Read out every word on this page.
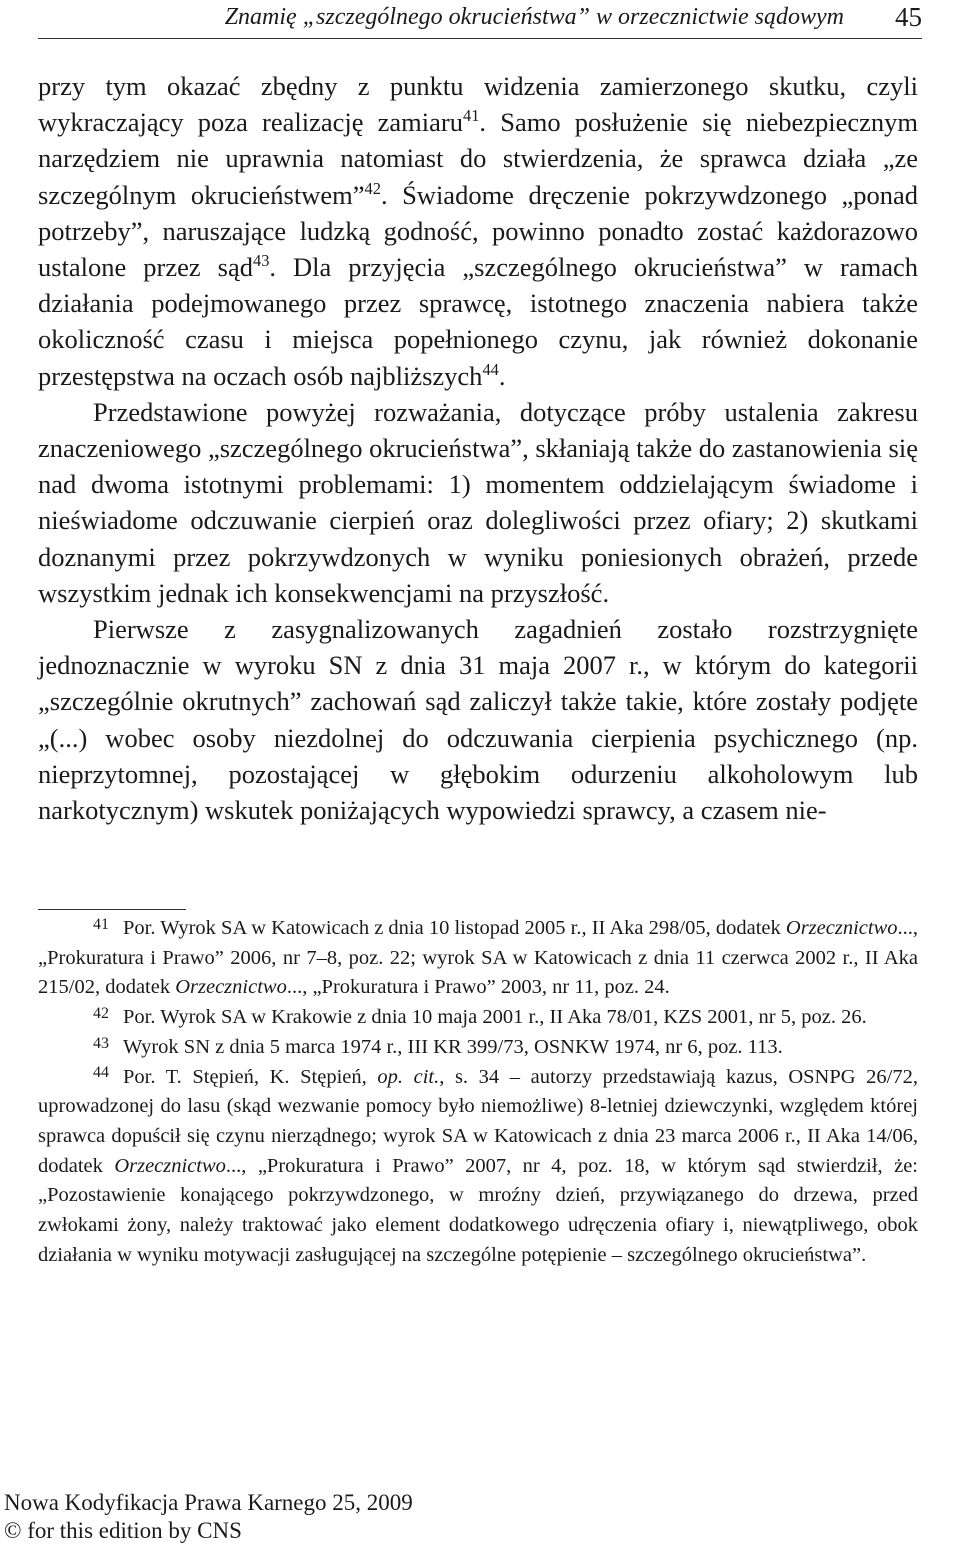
Znamię „szczególnego okrucieństwa” w orzecznictwie sądowym 45

przy tym okazać zbędny z punktu widzenia zamierzonego skutku, czyli wykraczający poza realizację zamiaru$^{41}$. Samo posłużenie się niebezpiecznym narzędziem nie uprawnia natomiast do stwierdzenia, że sprawca działa „ze szczególnym okrucieństwem”$^{42}$. Świadome dręczenie pokrzywdzonego „ponad potrzeby”, naruszające ludzką godność, powinno ponadto zostać każdorazowo ustalone przez sąd$^{43}$. Dla przyjęcia „szczególnego okrucieństwa” w ramach działania podejmowanego przez sprawcę, istotnego znaczenia nabiera także okoliczność czasu i miejsca popełnionego czynu, jak również dokonanie przestępstwa na oczach osób najbliższych$^{44}$.

Przedstawione powyżej rozważania, dotyczące próby ustalenia zakresu znaczeniowego „szczególnego okrucieństwa”, skłaniają także do zastanowienia się nad dwoma istotnymi problemami: 1) momentem oddzielającym świadome i nieświadome odczuwanie cierpień oraz dolegliwości przez ofiary; 2) skutkami doznanymi przez pokrzywdzonych w wyniku poniesionych obrażeń, przede wszystkim jednak ich konsekwencjami na przyszłość.

Pierwsze z zasygnalizowanych zagadnień zostało rozstrzygnięte jednoznacznie w wyroku SN z dnia 31 maja 2007 r., w którym do kategorii „szczególnie okrutnych” zachowań sąd zaliczył także takie, które zostały podjęte „(...) wobec osoby niezdolnej do odczuwania cierpienia psychicznego (np. nieprzytomnej, pozostającej w głębokim odurzeniu alkoholowym lub narkotycznym) wskutek poniżających wypowiedzi sprawcy, a czasem nie-

$^{41}$ Por. Wyrok SA w Katowicach z dnia 10 listopad 2005 r., II Aka 298/05, dodatek Orzecznictwo..., „Prokuratura i Prawo” 2006, nr 7–8, poz. 22; wyrok SA w Katowicach z dnia 11 czerwca 2002 r., II Aka 215/02, dodatek Orzecznictwo..., „Prokuratura i Prawo” 2003, nr 11, poz. 24.

$^{42}$ Por. Wyrok SA w Krakowie z dnia 10 maja 2001 r., II Aka 78/01, KZS 2001, nr 5, poz. 26.

$^{43}$ Wyrok SN z dnia 5 marca 1974 r., III KR 399/73, OSNKW 1974, nr 6, poz. 113.

$^{44}$ Por. T. Stępień, K. Stępień, op. cit., s. 34 – autorzy przedstawiają kazus, OSNPG 26/72, uprowadzonej do lasu (skąd wezwanie pomocy było niemożliwe) 8-letniej dziewczynki, względem której sprawca dopuścił się czynu nierządnego; wyrok SA w Katowicach z dnia 23 marca 2006 r., II Aka 14/06, dodatek Orzecznictwo..., „Prokuratura i Prawo” 2007, nr 4, poz. 18, w którym sąd stwierdził, że: „Pozostawienie konającego pokrzywdzonego, w mroźny dzień, przywiązanego do drzewa, przed zwłokami żony, należy traktować jako element dodatkowego udręczenia ofiary i, niewątpliwego, obok działania w wyniku motywacji zasługującej na szczególne potępienie – szczególnego okrucieństwa”.

Nowa Kodyfikacja Prawa Karnego 25, 2009
© for this edition by CNS
